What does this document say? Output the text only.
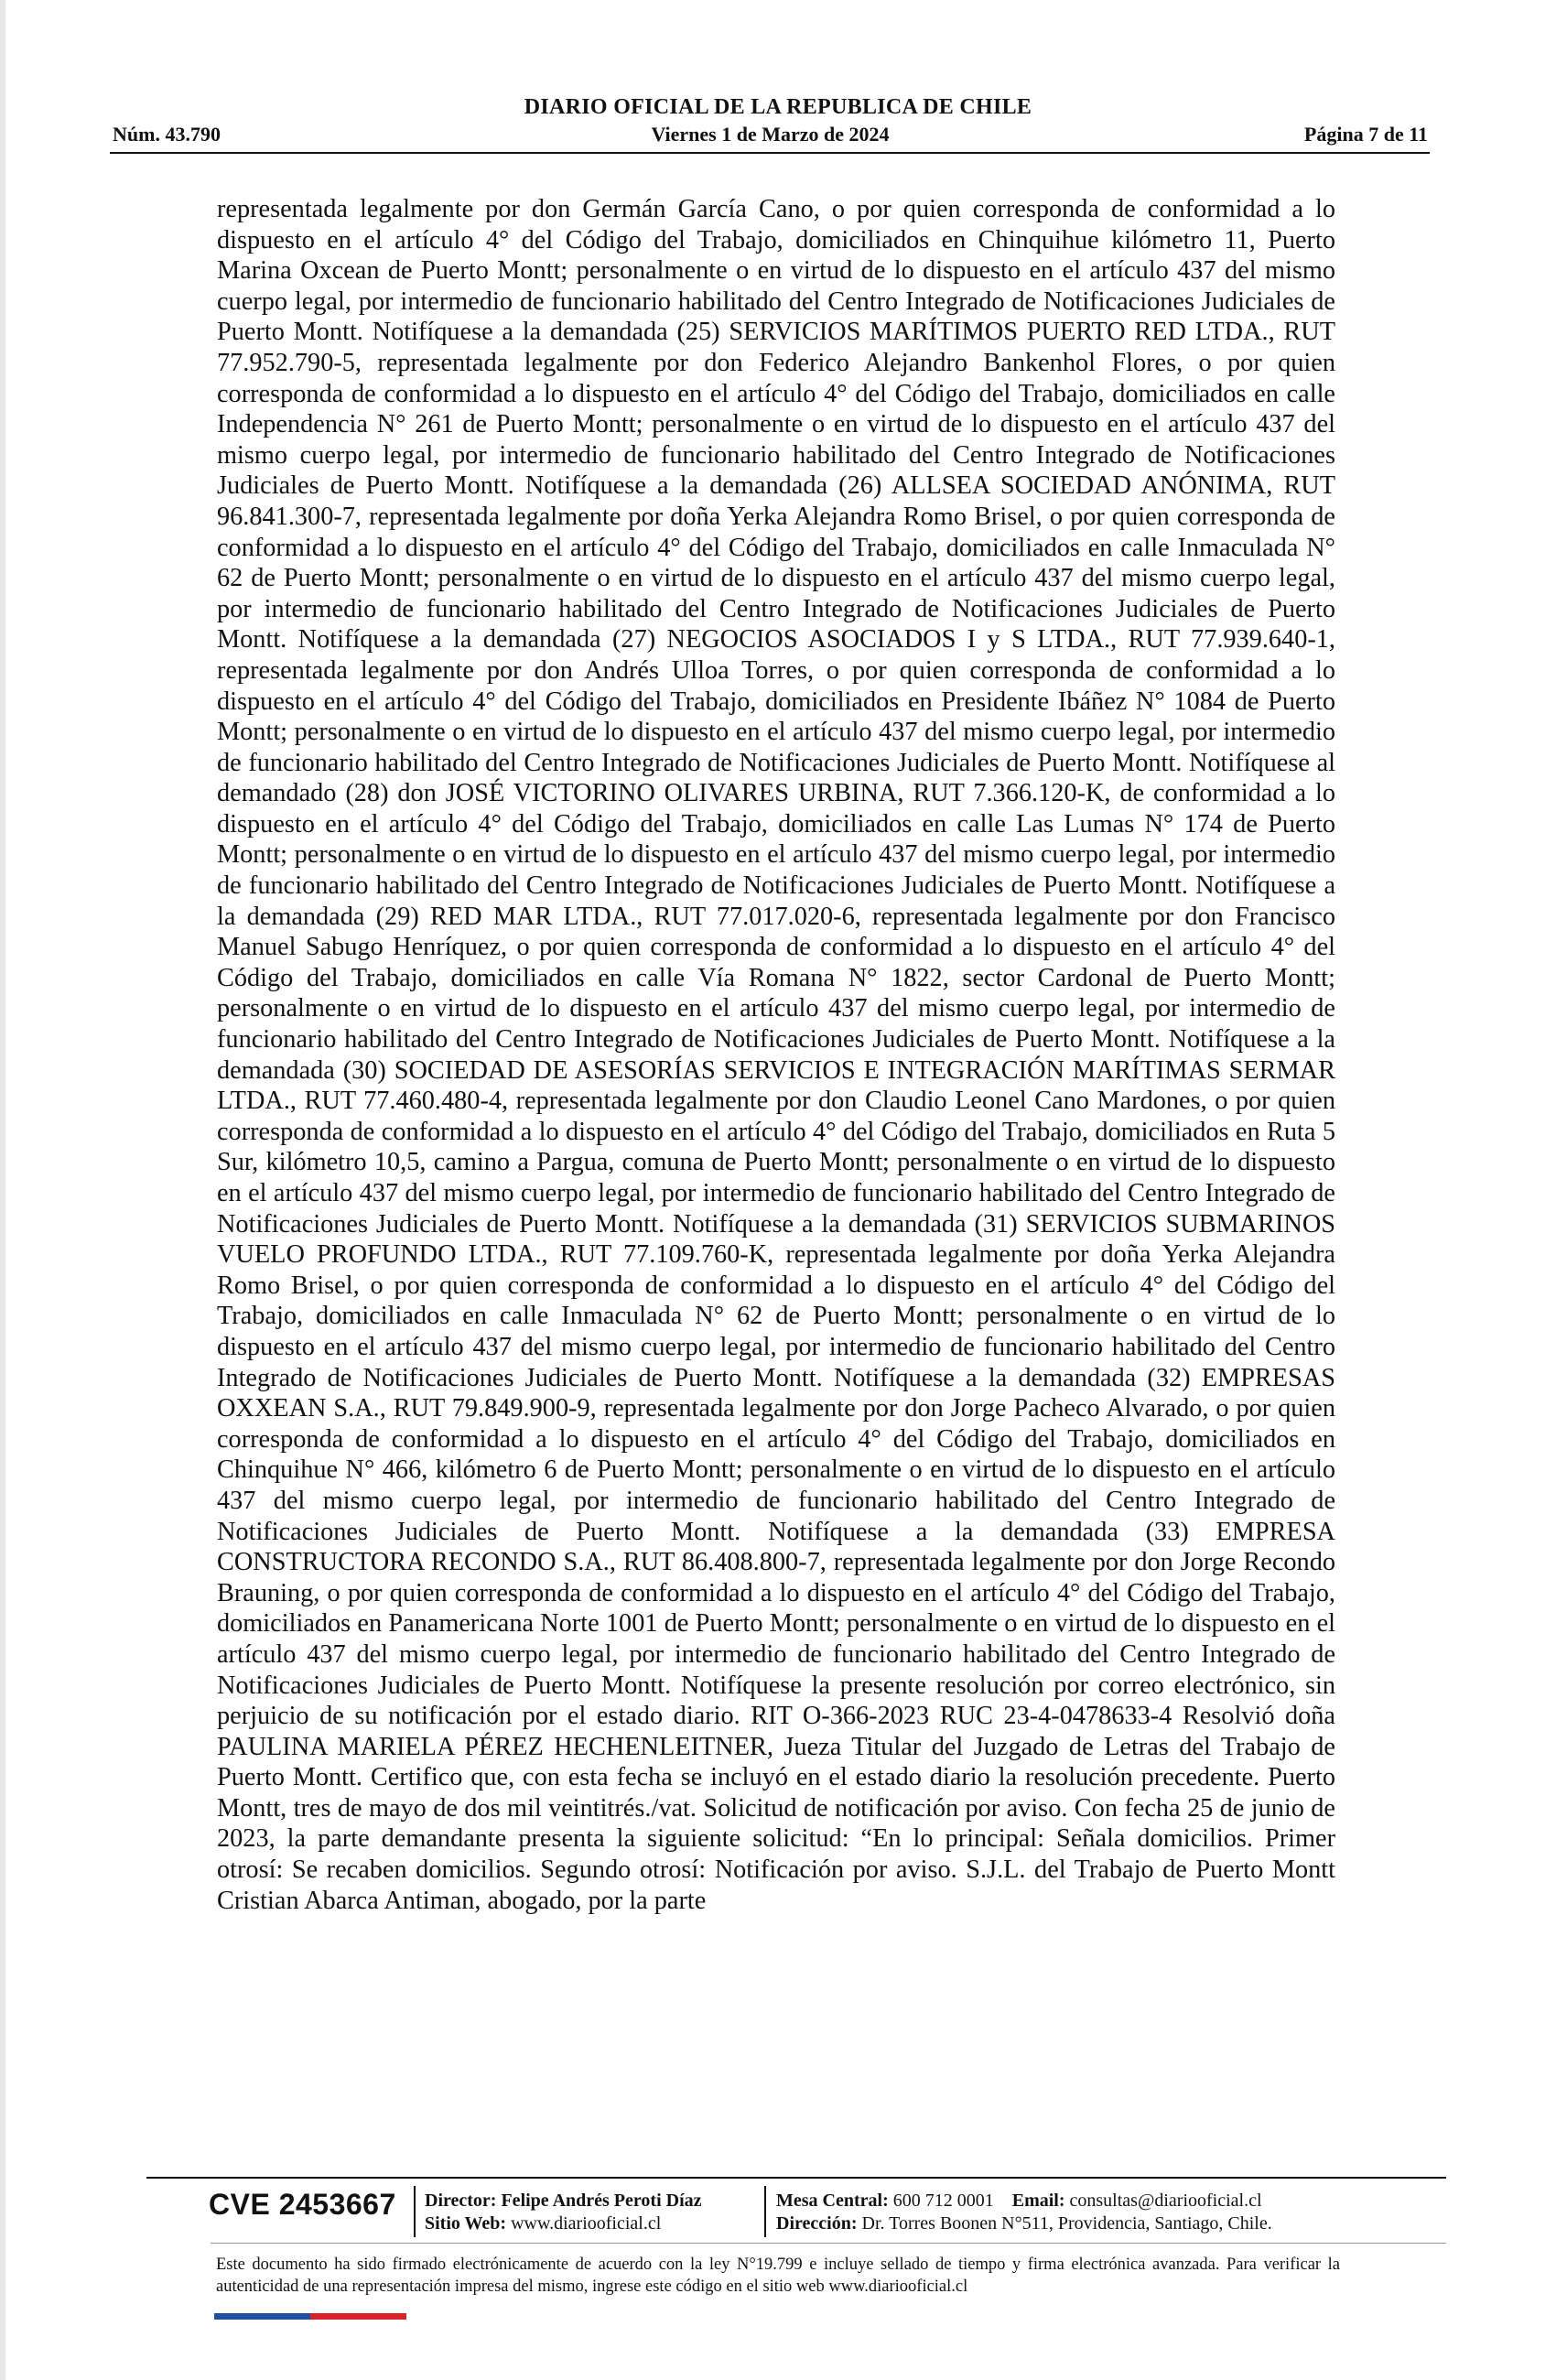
DIARIO OFICIAL DE LA REPUBLICA DE CHILE
Núm. 43.790	Viernes 1 de Marzo de 2024	Página 7 de 11
representada legalmente por don Germán García Cano, o por quien corresponda de conformidad a lo dispuesto en el artículo 4° del Código del Trabajo, domiciliados en Chinquihue kilómetro 11, Puerto Marina Oxcean de Puerto Montt; personalmente o en virtud de lo dispuesto en el artículo 437 del mismo cuerpo legal, por intermedio de funcionario habilitado del Centro Integrado de Notificaciones Judiciales de Puerto Montt. Notifíquese a la demandada (25) SERVICIOS MARÍTIMOS PUERTO RED LTDA., RUT 77.952.790-5, representada legalmente por don Federico Alejandro Bankenhol Flores, o por quien corresponda de conformidad a lo dispuesto en el artículo 4° del Código del Trabajo, domiciliados en calle Independencia N° 261 de Puerto Montt; personalmente o en virtud de lo dispuesto en el artículo 437 del mismo cuerpo legal, por intermedio de funcionario habilitado del Centro Integrado de Notificaciones Judiciales de Puerto Montt. Notifíquese a la demandada (26) ALLSEA SOCIEDAD ANÓNIMA, RUT 96.841.300-7, representada legalmente por doña Yerka Alejandra Romo Brisel, o por quien corresponda de conformidad a lo dispuesto en el artículo 4° del Código del Trabajo, domiciliados en calle Inmaculada N° 62 de Puerto Montt; personalmente o en virtud de lo dispuesto en el artículo 437 del mismo cuerpo legal, por intermedio de funcionario habilitado del Centro Integrado de Notificaciones Judiciales de Puerto Montt. Notifíquese a la demandada (27) NEGOCIOS ASOCIADOS I y S LTDA., RUT 77.939.640-1, representada legalmente por don Andrés Ulloa Torres, o por quien corresponda de conformidad a lo dispuesto en el artículo 4° del Código del Trabajo, domiciliados en Presidente Ibáñez N° 1084 de Puerto Montt; personalmente o en virtud de lo dispuesto en el artículo 437 del mismo cuerpo legal, por intermedio de funcionario habilitado del Centro Integrado de Notificaciones Judiciales de Puerto Montt. Notifíquese al demandado (28) don JOSÉ VICTORINO OLIVARES URBINA, RUT 7.366.120-K, de conformidad a lo dispuesto en el artículo 4° del Código del Trabajo, domiciliados en calle Las Lumas N° 174 de Puerto Montt; personalmente o en virtud de lo dispuesto en el artículo 437 del mismo cuerpo legal, por intermedio de funcionario habilitado del Centro Integrado de Notificaciones Judiciales de Puerto Montt. Notifíquese a la demandada (29) RED MAR LTDA., RUT 77.017.020-6, representada legalmente por don Francisco Manuel Sabugo Henríquez, o por quien corresponda de conformidad a lo dispuesto en el artículo 4° del Código del Trabajo, domiciliados en calle Vía Romana N° 1822, sector Cardonal de Puerto Montt; personalmente o en virtud de lo dispuesto en el artículo 437 del mismo cuerpo legal, por intermedio de funcionario habilitado del Centro Integrado de Notificaciones Judiciales de Puerto Montt. Notifíquese a la demandada (30) SOCIEDAD DE ASESORÍAS SERVICIOS E INTEGRACIÓN MARÍTIMAS SERMAR LTDA., RUT 77.460.480-4, representada legalmente por don Claudio Leonel Cano Mardones, o por quien corresponda de conformidad a lo dispuesto en el artículo 4° del Código del Trabajo, domiciliados en Ruta 5 Sur, kilómetro 10,5, camino a Pargua, comuna de Puerto Montt; personalmente o en virtud de lo dispuesto en el artículo 437 del mismo cuerpo legal, por intermedio de funcionario habilitado del Centro Integrado de Notificaciones Judiciales de Puerto Montt. Notifíquese a la demandada (31) SERVICIOS SUBMARINOS VUELO PROFUNDO LTDA., RUT 77.109.760-K, representada legalmente por doña Yerka Alejandra Romo Brisel, o por quien corresponda de conformidad a lo dispuesto en el artículo 4° del Código del Trabajo, domiciliados en calle Inmaculada N° 62 de Puerto Montt; personalmente o en virtud de lo dispuesto en el artículo 437 del mismo cuerpo legal, por intermedio de funcionario habilitado del Centro Integrado de Notificaciones Judiciales de Puerto Montt. Notifíquese a la demandada (32) EMPRESAS OXXEAN S.A., RUT 79.849.900-9, representada legalmente por don Jorge Pacheco Alvarado, o por quien corresponda de conformidad a lo dispuesto en el artículo 4° del Código del Trabajo, domiciliados en Chinquihue N° 466, kilómetro 6 de Puerto Montt; personalmente o en virtud de lo dispuesto en el artículo 437 del mismo cuerpo legal, por intermedio de funcionario habilitado del Centro Integrado de Notificaciones Judiciales de Puerto Montt. Notifíquese a la demandada (33) EMPRESA CONSTRUCTORA RECONDO S.A., RUT 86.408.800-7, representada legalmente por don Jorge Recondo Brauning, o por quien corresponda de conformidad a lo dispuesto en el artículo 4° del Código del Trabajo, domiciliados en Panamericana Norte 1001 de Puerto Montt; personalmente o en virtud de lo dispuesto en el artículo 437 del mismo cuerpo legal, por intermedio de funcionario habilitado del Centro Integrado de Notificaciones Judiciales de Puerto Montt. Notifíquese la presente resolución por correo electrónico, sin perjuicio de su notificación por el estado diario. RIT O-366-2023 RUC 23-4-0478633-4 Resolvió doña PAULINA MARIELA PÉREZ HECHENLEITNER, Jueza Titular del Juzgado de Letras del Trabajo de Puerto Montt. Certifico que, con esta fecha se incluyó en el estado diario la resolución precedente. Puerto Montt, tres de mayo de dos mil veintitrés./vat. Solicitud de notificación por aviso. Con fecha 25 de junio de 2023, la parte demandante presenta la siguiente solicitud: “En lo principal: Señala domicilios. Primer otrosí: Se recaben domicilios. Segundo otrosí: Notificación por aviso. S.J.L. del Trabajo de Puerto Montt Cristian Abarca Antiman, abogado, por la parte
CVE 2453667 Director: Felipe Andrés Peroti Díaz
Sitio Web: www.diariooficial.cl
Mesa Central: 600 712 0001 Email: consultas@diariooficial.cl
Dirección: Dr. Torres Boonen N°511, Providencia, Santiago, Chile.
Este documento ha sido firmado electrónicamente de acuerdo con la ley N°19.799 e incluye sellado de tiempo y firma electrónica avanzada. Para verificar la autenticidad de una representación impresa del mismo, ingrese este código en el sitio web www.diariooficial.cl
